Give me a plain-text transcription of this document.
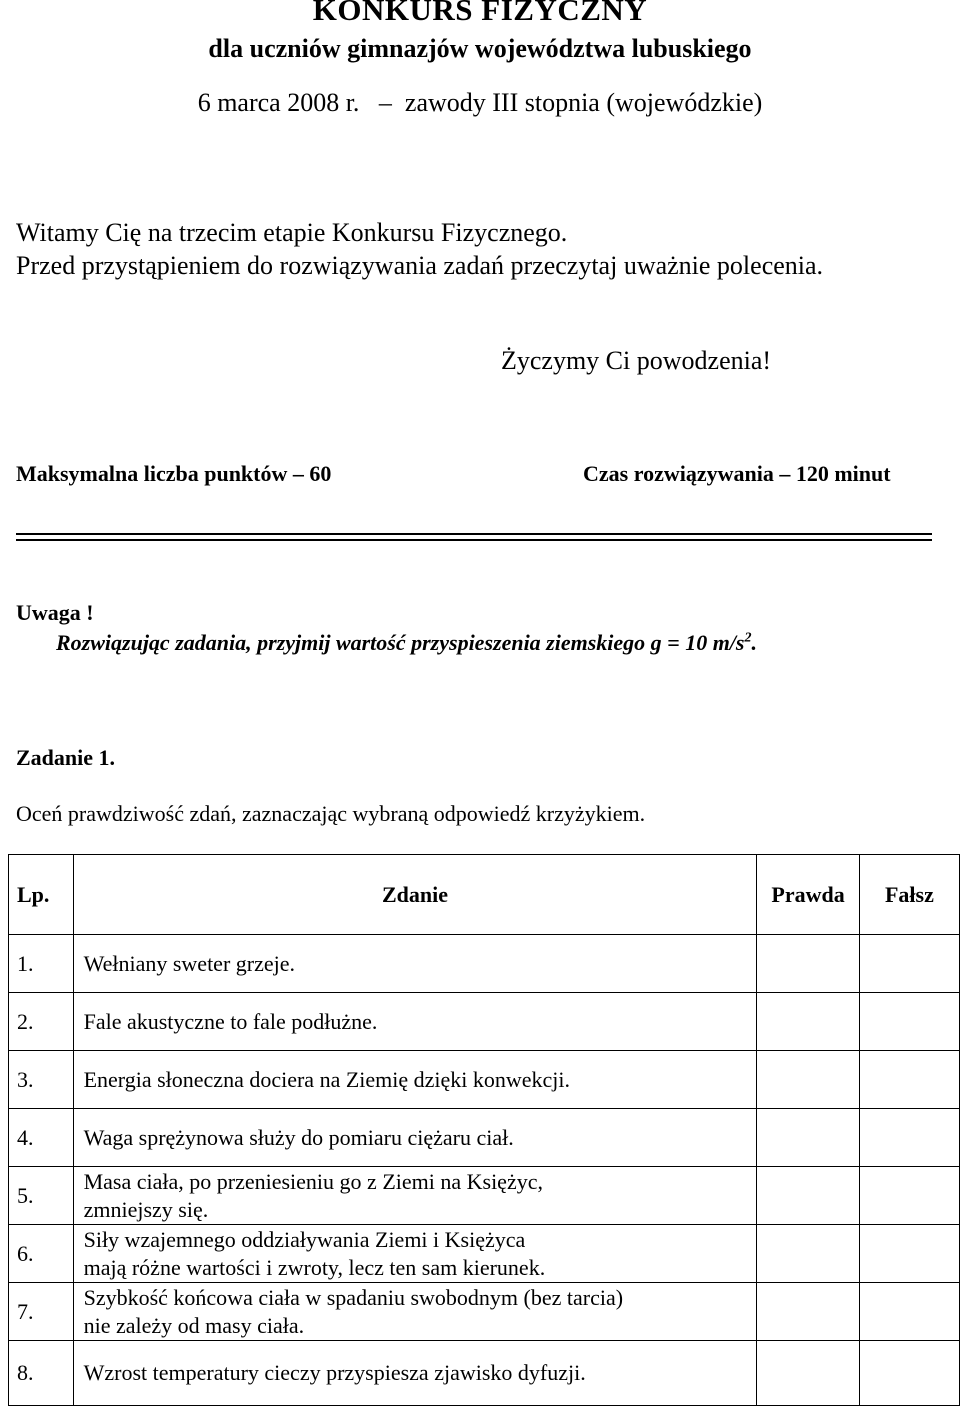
KONKURS FIZYCZNY
dla uczniów gimnazjów województwa lubuskiego
6 marca 2008 r.   –  zawody III stopnia (wojewódzkie)
Witamy Cię na trzecim etapie Konkursu Fizycznego.
Przed przystąpieniem do rozwiązywania zadań przeczytaj uważnie polecenia.
Życzymy Ci powodzenia!
Maksymalna liczba punktów – 60	Czas rozwiązywania – 120 minut
Uwaga !
Rozwiązując zadania, przyjmij wartość przyspieszenia ziemskiego g = 10 $m/s^2$.
Zadanie 1.
Oceń prawdziwość zdań, zaznaczając wybraną odpowiedź krzyżykiem.
Lp.	Zdanie	Prawda	Fałsz
1.	Wełniany sweter grzeje.		

2.	Fale akustyczne to fale podłużne.		

3.	Energia słoneczna dociera na Ziemię dzięki konwekcji.		

4.	Waga sprężynowa służy do pomiaru ciężaru ciał.		

5.	Masa ciała, po przeniesieniu go z Ziemi na Księżyc,
zmniejszy się.		

6.	Siły wzajemnego oddziaływania Ziemi i Księżyca
mają różne wartości i zwroty, lecz ten sam kierunek.		

7.	Szybkość końcowa ciała w spadaniu swobodnym (bez tarcia)
nie zależy od masy ciała.		

8.	Wzrost temperatury cieczy przyspiesza zjawisko dyfuzji.		
